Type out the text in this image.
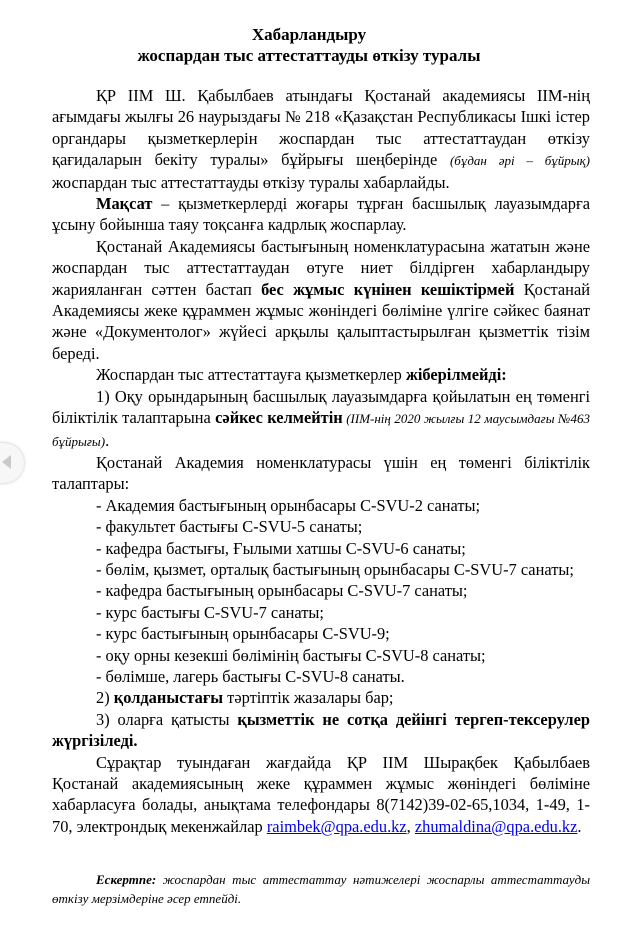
Хабарландыру
жоспардан тыс аттестаттауды өткізу туралы

ҚР ІІМ Ш. Қабылбаев атындағы Қостанай академиясы ІІМ-нің ағымдағы жылғы 26 наурыздағы № 218 «Қазақстан Республикасы Ішкі істер органдары қызметкерлерін жоспардан тыс аттестаттаудан өткізу қағидаларын бекіту туралы» бұйрығы шеңберінде (бұдан әрі – бұйрық) жоспардан тыс аттестаттауды өткізу туралы хабарлайды.

Мақсат – қызметкерлерді жоғары тұрған басшылық лауазымдарға ұсыну бойынша таяу тоқсанға кадрлық жоспарлау.

Қостанай Академиясы бастығының номенклатурасына жататын және жоспардан тыс аттестаттаудан өтуге ниет білдірген хабарландыру жарияланған сәттен бастап бес жұмыс күнінен кешіктірмей Қостанай Академиясы жеке құраммен жұмыс жөніндегі бөлiмiне үлгіге сәйкес баянат және «Документолог» жүйесі арқылы қалыптастырылған қызметтік тізім береді.

Жоспардан тыс аттестаттауға қызметкерлер жіберілмейді:

1) Оқу орындарының басшылық лауазымдарға қойылатын ең төменгі біліктілік талаптарына сәйкес келмейтін (ІІМ-нің 2020 жылғы 12 маусымдағы №463 бұйрығы).

Қостанай Академия номенклатурасы үшін ең төменгі біліктілік талаптары:

- Академия бастығының орынбасары C-SVU-2 санаты;

- факультет бастығы C-SVU-5 санаты;

- кафедра бастығы, Ғылыми хатшы C-SVU-6 санаты;

- бөлім, қызмет, орталық бастығының орынбасары C-SVU-7 санаты;

- кафедра бастығының орынбасары C-SVU-7 санаты;

- курс бастығы C-SVU-7 санаты;

- курс бастығының орынбасары C-SVU-9;

- оқу орны кезекші бөлімінің бастығы C-SVU-8 санаты;

- бөлімше, лагерь бастығы C-SVU-8 санаты.

2) қолданыстағы тәртіптік жазалары бар;

3) оларға қатысты қызметтік не сотқа дейінгі тергеп-тексерулер жүргізіледі.

Сұрақтар туындаған жағдайда ҚР ІІМ Шырақбек Қабылбаев Қостанай академиясының жеке құраммен жұмыс жөніндегі бөліміне хабарласуға болады, анықтама телефондары 8(7142)39-02-65,1034, 1-49, 1-70, электрондық мекенжайлар raimbek@qpa.edu.kz, zhumaldina@qpa.edu.kz.

Ескертпе: жоспардан тыс аттестаттау нәтижелері жоспарлы аттестаттауды өткізу мерзімдеріне әсер етпейді.
